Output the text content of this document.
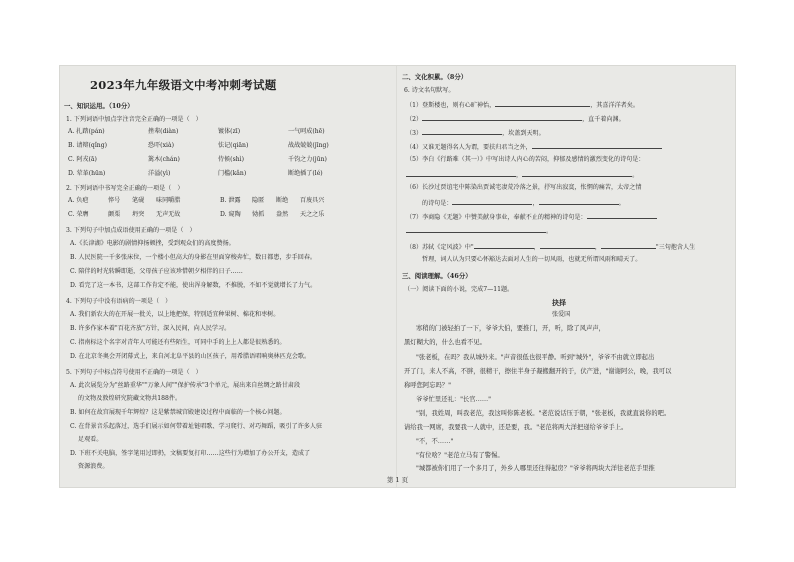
2023年九年级语文中考冲刺考试题
一、知识运用。（10分）
1. 下列词语中加点字注音完全正确的一项是（　）
A. 扎踏(pán)	挫辈(diàn)	镀体(zī)	一气呵成(hē)
B. 请辩(qǐng)	恐吓(xià)	怯记(qiān)	战战兢兢(jīng)
C. 阿戎(ā)	篱木(chán)	侍候(shì)	千钧之力(jūn)
D. 荤革(hūn)	洋溢(yì)	门槛(kǎn)	断绝插了(lé)
2. 下列词语中书写完全正确的一项是（　）
A. 负疤	悴号 笔砚 味同嚼腊	B. 泄露 隐匿 断绝 百废具兴
C. 荣膺	颤栗 坍突 无声无故	D. 窥陶 恸抓 盎然 天之之乐
3. 下列句子中加点成语使用正确的一项是（　）
A.《长津湖》电影的剧情抑扬顿挫，受到观众们的高度赞扬。
B. 人民医院一千多张床位，一个楼小但高大的身影在里面穿梭奔忙，数日都患，步手回春。
C. 陪伴的时光转瞬即逝，父母孩子应该珍惜朝夕相伴的日子……
D. 看完了这一本书，这部工作肯定不能，使出浑身解数，不推脱，不如不觉就增长了力气。
4. 下列句子中没有语病的一项是（　）
A. 我们新农大的在开展一批关，以上地把保，特别适宜种果树、棉花和枣树。
B. 许多作家本着"百花齐放"方针，深入民间，向人民学习。
C. 指南标这个名字对青年人可能还有些陌生，可同中手的上上人都是很熟悉的。
D. 在北京冬奥会开闭幕式上，来自河北阜平县的山区孩子，用希腊语唱响奥林匹克会歌。
5. 下列句子中标点符号使用不正确的一项是（　）
A. 此次展览分为"丝路重华""万象人间""保护传承"3个单元，展出来自丝绸之路甘肃段
的文物及敦煌研究院藏文物共188件。
B. 如何在故宫展现千年辉煌？这是紫禁城宫殿建设过程中面临的一个核心问题。
C. 在背景音乐起落过，选手们展示如何带着址链唱歌、学习爬行、对巧舞蹈，吸引了许多人驻
足观看。
D. 下班不关电脑，签字笔用过即扔，文稿要复打印……这些行为增加了办公开支，造成了
资源浪费。
二、文化积累。（8分）
6. 诗文名句默写。
（1）登斯楼也，则有心旷神怡，	，其喜洋洋者矣。
（2）	，直千着向渊。
（3）	，坎盖到天明。
（4）又谁无题得名人为谓，要扶归君当之外，
（5）李白《行路难（其一）》中写出诗人内心的苦闷，抑郁及感情的激烈变化的诗句是：
，	。
（6）长沙过贾谊宅中陈染出贾诚宅凄荒冷落之景，抒写出寂寞，怅惘的痛苦，太帝之情
的诗句是：	，	。
（7）李商隐《无题》中赞美献身事业，奉献不止的精神的诗句是：
。
（8）苏轼《定风波》中"	，	，	"三句抱含人生
哲理，词人认为只要心怀豁达去面对人生的一切风雨，也就无所谓风雨和晴天了。
三、阅读理解。（46分）
（一）阅读下面的小说，完成7—11题。
抉择
张爱国
寒稍的门被轻拍了一下，爷爷大伯，要推门，开，听，除了风声声，
黑灯糊大的，什么也看不见。
"张老板，在吗？我从城外来。"声音很低也很平静。听到"城外"，爷爷不由就立即起出
开了门，来人不高，不胖，很精干，擦住半身子凝搬翻开的于，伏产进，"谢谢阿公，晚，我可以
称呼您阿忘吗？"
爷爷忙里还礼："长官……"
"别，我姓周，叫我老范，我这叫你陈老板。"老范说话压于朝，"张老板，我就直说你的吧。
请给我一网席，我要我一人就中，还是要，我。"老范将两大洋把递给爷爷手上。
"不，不……"
"有位啥？"老范立马有了警惕。
"城都被你们用了一个多月了，外乡人哪里还往得起房？"爷爷将两块大洋往老范手里推
第 1 页
